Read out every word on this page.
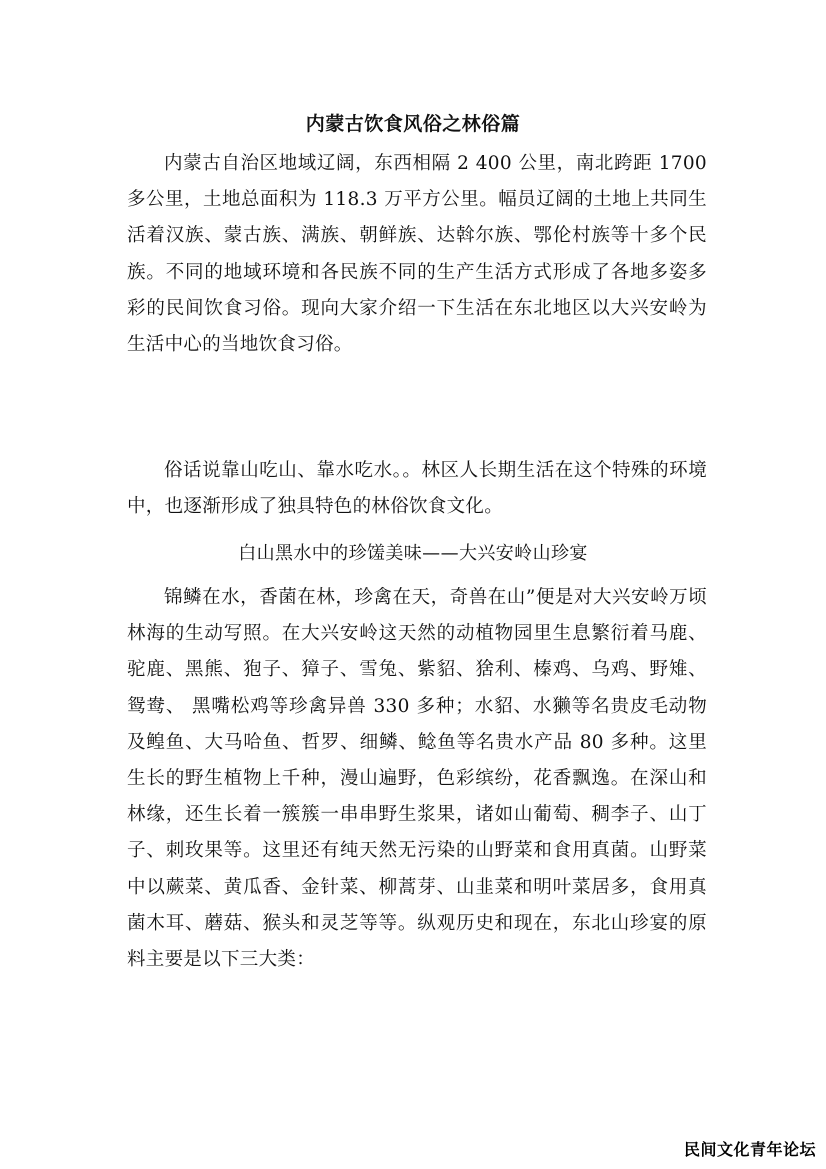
内蒙古饮食风俗之林俗篇

内蒙古自治区地域辽阔，东西相隔 2 400 公里，南北跨距 1700 多公里，土地总面积为 118.3 万平方公里。幅员辽阔的土地上共同生活着汉族、蒙古族、满族、朝鲜族、达斡尔族、鄂伦村族等十多个民族。不同的地域环境和各民族不同的生产生活方式形成了各地多姿多彩的民间饮食习俗。现向大家介绍一下生活在东北地区以大兴安岭为生活中心的当地饮食习俗。

俗话说靠山吃山、靠水吃水。。林区人长期生活在这个特殊的环境中，也逐渐形成了独具特色的林俗饮食文化。

白山黑水中的珍馐美味——大兴安岭山珍宴

锦鳞在水，香菌在林，珍禽在天，奇兽在山”便是对大兴安岭万顷林海的生动写照。在大兴安岭这天然的动植物园里生息繁衍着马鹿、驼鹿、黑熊、狍子、獐子、雪兔、紫貂、猞利、榛鸡、乌鸡、野雉、鸳鸯、 黑嘴松鸡等珍禽异兽 330 多种；水貂、水獭等名贵皮毛动物及鳇鱼、大马哈鱼、哲罗、细鳞、鲶鱼等名贵水产品 80 多种。这里生长的野生植物上千种，漫山遍野，色彩缤纷，花香飘逸。在深山和林缘，还生长着一簇簇一串串野生浆果，诸如山葡萄、稠李子、山丁子、刺玫果等。这里还有纯天然无污染的山野菜和食用真菌。山野菜中以蕨菜、黄瓜香、金针菜、柳蒿芽、山韭菜和明叶菜居多，食用真菌木耳、蘑菇、猴头和灵芝等等。纵观历史和现在，东北山珍宴的原料主要是以下三大类：

民间文化青年论坛
